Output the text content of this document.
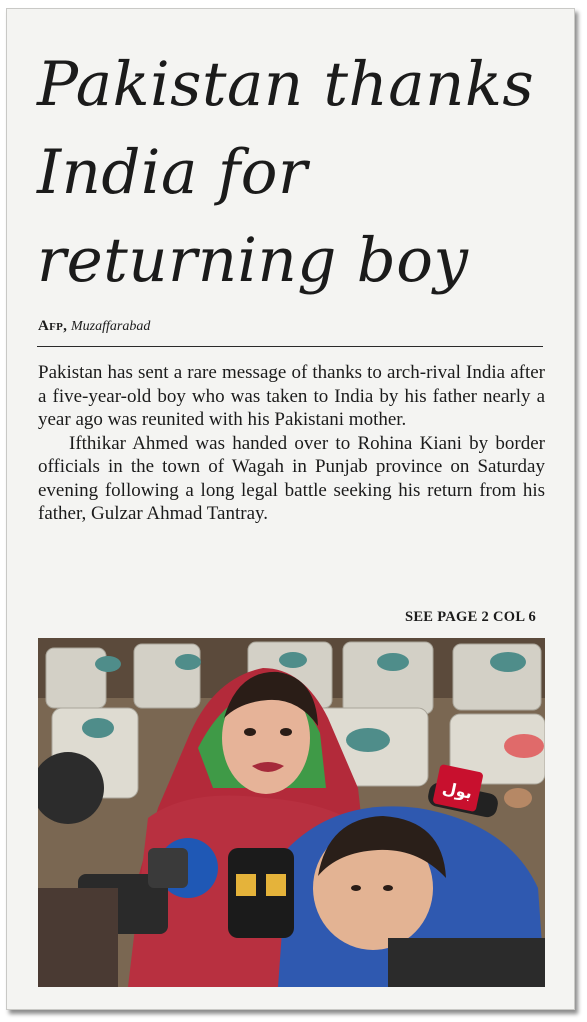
Pakistan thanks India for returning boy
Afp, Muzaffarabad

Pakistan has sent a rare message of thanks to arch-rival India after a five-year-old boy who was taken to India by his father nearly a year ago was reunited with his Pakistani mother.

Ifthikar Ahmed was handed over to Rohina Kiani by border officials in the town of Wagah in Punjab province on Saturday evening following a long legal battle seeking his return from his father, Gulzar Ahmad Tantray.

SEE PAGE 2 COL 6
بول
